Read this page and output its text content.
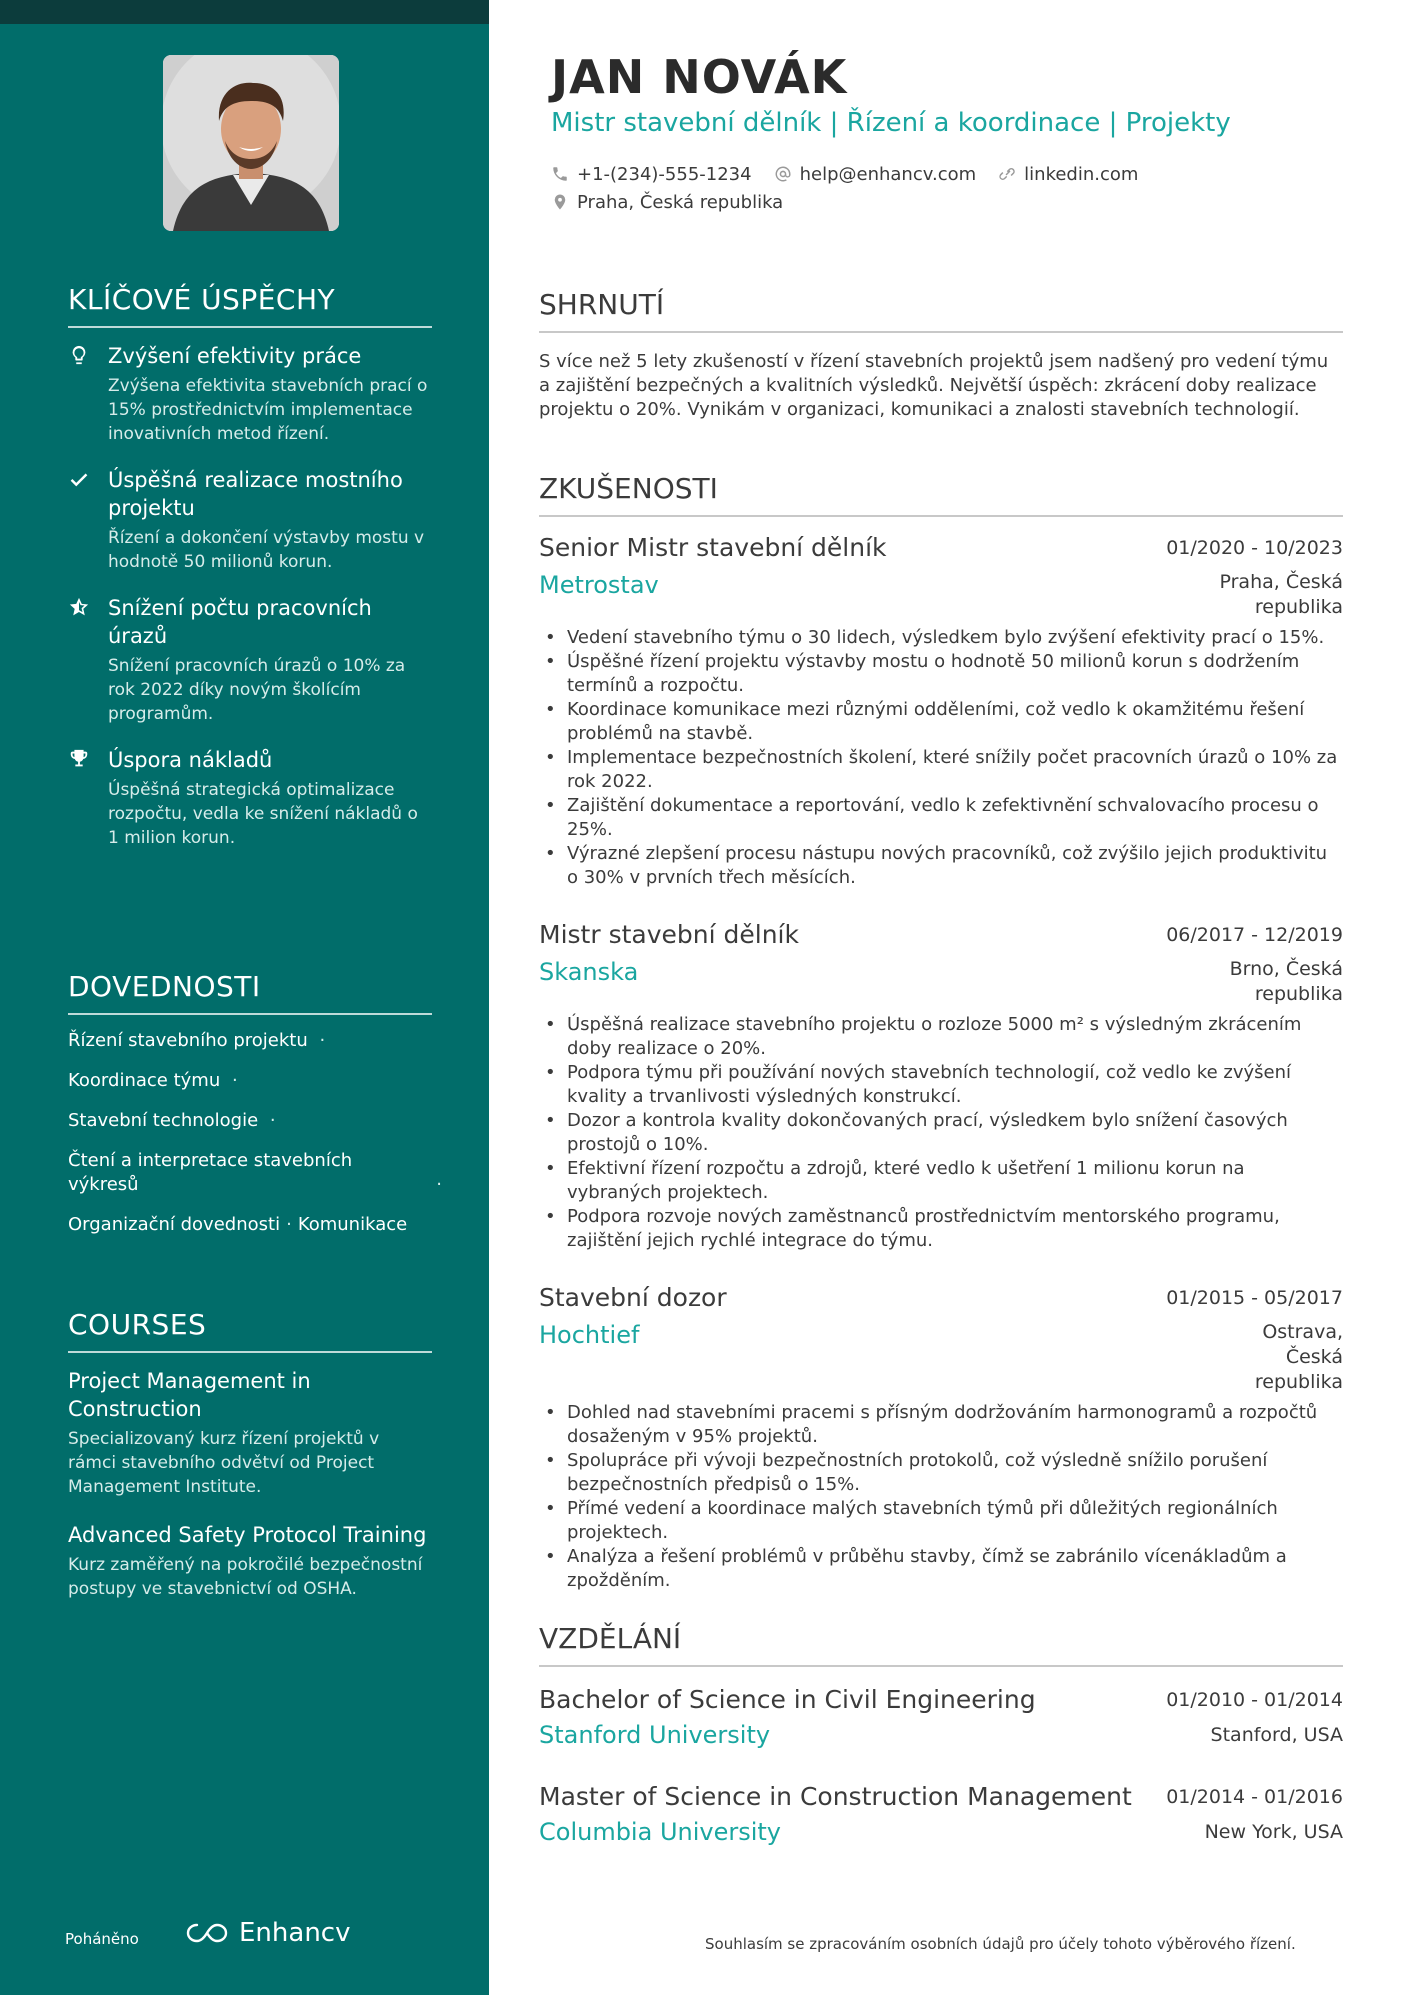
KLÍČOVÉ ÚSPĚCHY
Zvýšení efektivity práce
Zvýšena efektivita stavebních prací o 15% prostřednictvím implementace inovativních metod řízení.
Úspěšná realizace mostního projektu
Řízení a dokončení výstavby mostu v hodnotě 50 milionů korun.
Snížení počtu pracovních úrazů
Snížení pracovních úrazů o 10% za rok 2022 díky novým školícím programům.
Úspora nákladů
Úspěšná strategická optimalizace rozpočtu, vedla ke snížení nákladů o 1 milion korun.
DOVEDNOSTI
Řízení stavebního projektu ·
Koordinace týmu ·
Stavební technologie ·
Čtení a interpretace stavebních výkresů	·
Organizační dovednosti · Komunikace
COURSES
Project Management in Construction
Specializovaný kurz řízení projektů v rámci stavebního odvětví od Project Management Institute.
Advanced Safety Protocol Training
Kurz zaměřený na pokročilé bezpečnostní postupy ve stavebnictví od OSHA.
Poháněno	Enhancv
JAN NOVÁK
Mistr stavební dělník | Řízení a koordinace | Projekty
+1-(234)-555-1234	help@enhancv.com	linkedin.com
Praha, Česká republika
SHRNUTÍ
S více než 5 lety zkušeností v řízení stavebních projektů jsem nadšený pro vedení týmu a zajištění bezpečných a kvalitních výsledků. Největší úspěch: zkrácení doby realizace projektu o 20%. Vynikám v organizaci, komunikaci a znalosti stavebních technologií.
ZKUŠENOSTI
Senior Mistr stavební dělník	01/2020 - 10/2023
Metrostav	Praha, Česká republika
• Vedení stavebního týmu o 30 lidech, výsledkem bylo zvýšení efektivity prací o 15%.
• Úspěšné řízení projektu výstavby mostu o hodnotě 50 milionů korun s dodržením termínů a rozpočtu.
• Koordinace komunikace mezi různými odděleními, což vedlo k okamžitému řešení problémů na stavbě.
• Implementace bezpečnostních školení, které snížily počet pracovních úrazů o 10% za rok 2022.
• Zajištění dokumentace a reportování, vedlo k zefektivnění schvalovacího procesu o 25%.
• Výrazné zlepšení procesu nástupu nových pracovníků, což zvýšilo jejich produktivitu o 30% v prvních třech měsících.
Mistr stavební dělník	06/2017 - 12/2019
Skanska	Brno, Česká republika
• Úspěšná realizace stavebního projektu o rozloze 5000 m² s výsledným zkrácením doby realizace o 20%.
• Podpora týmu při používání nových stavebních technologií, což vedlo ke zvýšení kvality a trvanlivosti výsledných konstrukcí.
• Dozor a kontrola kvality dokončovaných prací, výsledkem bylo snížení časových prostojů o 10%.
• Efektivní řízení rozpočtu a zdrojů, které vedlo k ušetření 1 milionu korun na vybraných projektech.
• Podpora rozvoje nových zaměstnanců prostřednictvím mentorského programu, zajištění jejich rychlé integrace do týmu.
Stavební dozor	01/2015 - 05/2017
Hochtief	Ostrava, Česká republika
• Dohled nad stavebními pracemi s přísným dodržováním harmonogramů a rozpočtů dosaženým v 95% projektů.
• Spolupráce při vývoji bezpečnostních protokolů, což výsledně snížilo porušení bezpečnostních předpisů o 15%.
• Přímé vedení a koordinace malých stavebních týmů při důležitých regionálních projektech.
• Analýza a řešení problémů v průběhu stavby, čímž se zabránilo vícenákladům a zpožděním.
VZDĚLÁNÍ
Bachelor of Science in Civil Engineering	01/2010 - 01/2014
Stanford University	Stanford, USA
Master of Science in Construction Management 01/2014 - 01/2016
Columbia University	New York, USA
Souhlasím se zpracováním osobních údajů pro účely tohoto výběrového řízení.
